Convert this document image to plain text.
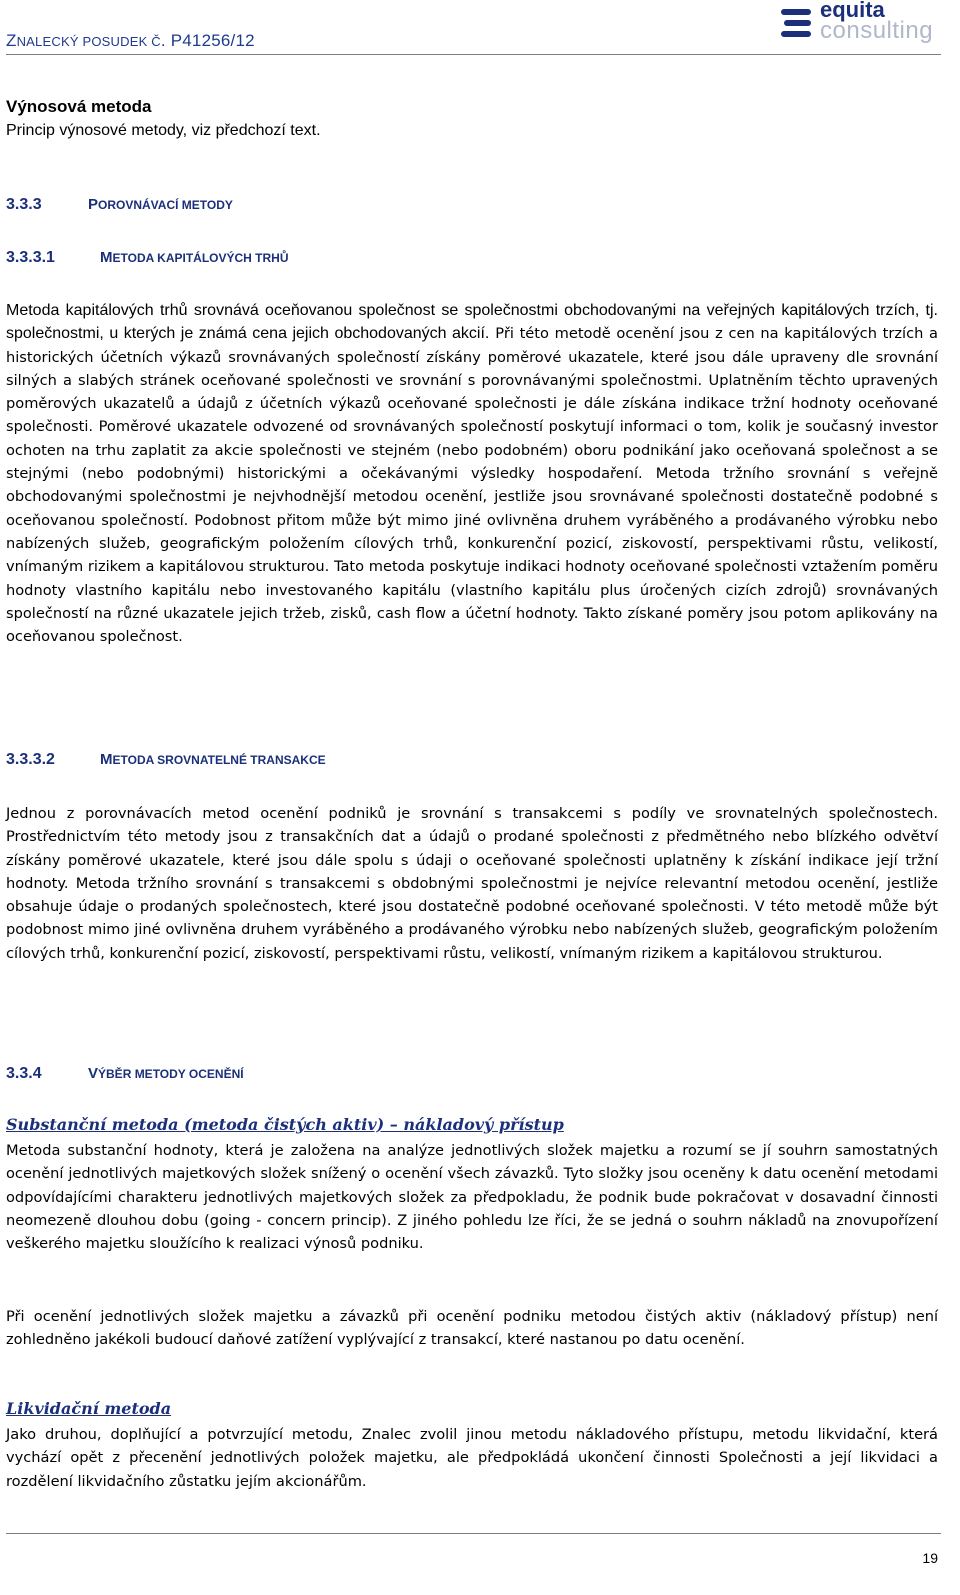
ZNALECKÝ POSUDEK Č. P41256/12
equita
consulting
Výnosová metoda
Princip výnosové metody, viz předchozí text.
3.3.3	POROVNÁVACÍ METODY
3.3.3.1	METODA KAPITÁLOVÝCH TRHŮ
Metoda kapitálových trhů srovnává oceňovanou společnost se společnostmi obchodovanými na veřejných kapitálových trzích, tj. společnostmi, u kterých je známá cena jejich obchodovaných akcií. Při této metodě ocenění jsou z cen na kapitálových trzích a historických účetních výkazů srovnávaných společností získány poměrové ukazatele, které jsou dále upraveny dle srovnání silných a slabých stránek oceňované společnosti ve srovnání s porovnávanými společnostmi. Uplatněním těchto upravených poměrových ukazatelů a údajů z účetních výkazů oceňované společnosti je dále získána indikace tržní hodnoty oceňované společnosti. Poměrové ukazatele odvozené od srovnávaných společností poskytují informaci o tom, kolik je současný investor ochoten na trhu zaplatit za akcie společnosti ve stejném (nebo podobném) oboru podnikání jako oceňovaná společnost a se stejnými (nebo podobnými) historickými a očekávanými výsledky hospodaření. Metoda tržního srovnání s veřejně obchodovanými společnostmi je nejvhodnější metodou ocenění, jestliže jsou srovnávané společnosti dostatečně podobné s oceňovanou společností. Podobnost přitom může být mimo jiné ovlivněna druhem vyráběného a prodávaného výrobku nebo nabízených služeb, geografickým položením cílových trhů, konkurenční pozicí, ziskovostí, perspektivami růstu, velikostí, vnímaným rizikem a kapitálovou strukturou. Tato metoda poskytuje indikaci hodnoty oceňované společnosti vztažením poměru hodnoty vlastního kapitálu nebo investovaného kapitálu (vlastního kapitálu plus úročených cizích zdrojů) srovnávaných společností na různé ukazatele jejich tržeb, zisků, cash flow a účetní hodnoty. Takto získané poměry jsou potom aplikovány na oceňovanou společnost.
3.3.3.2	METODA SROVNATELNÉ TRANSAKCE
Jednou z porovnávacích metod ocenění podniků je srovnání s transakcemi s podíly ve srovnatelných společnostech. Prostřednictvím této metody jsou z transakčních dat a údajů o prodané společnosti z předmětného nebo blízkého odvětví získány poměrové ukazatele, které jsou dále spolu s údaji o oceňované společnosti uplatněny k získání indikace její tržní hodnoty. Metoda tržního srovnání s transakcemi s obdobnými společnostmi je nejvíce relevantní metodou ocenění, jestliže obsahuje údaje o prodaných společnostech, které jsou dostatečně podobné oceňované společnosti. V této metodě může být podobnost mimo jiné ovlivněna druhem vyráběného a prodávaného výrobku nebo nabízených služeb, geografickým položením cílových trhů, konkurenční pozicí, ziskovostí, perspektivami růstu, velikostí, vnímaným rizikem a kapitálovou strukturou.
3.3.4	VÝBĚR METODY OCENĚNÍ
Substanční metoda (metoda čistých aktiv) – nákladový přístup
Metoda substanční hodnoty, která je založena na analýze jednotlivých složek majetku a rozumí se jí souhrn samostatných ocenění jednotlivých majetkových složek snížený o ocenění všech závazků. Tyto složky jsou oceněny k datu ocenění metodami odpovídajícími charakteru jednotlivých majetkových složek za předpokladu, že podnik bude pokračovat v dosavadní činnosti neomezeně dlouhou dobu (going - concern princip). Z jiného pohledu lze říci, že se jedná o souhrn nákladů na znovupořízení veškerého majetku sloužícího k realizaci výnosů podniku.
Při ocenění jednotlivých složek majetku a závazků při ocenění podniku metodou čistých aktiv (nákladový přístup) není zohledněno jakékoli budoucí daňové zatížení vyplývající z transakcí, které nastanou po datu ocenění.
Likvidační metoda
Jako druhou, doplňující a potvrzující metodu, Znalec zvolil jinou metodu nákladového přístupu, metodu likvidační, která vychází opět z přecenění jednotlivých položek majetku, ale předpokládá ukončení činnosti Společnosti a její likvidaci a rozdělení likvidačního zůstatku jejím akcionářům.
19
